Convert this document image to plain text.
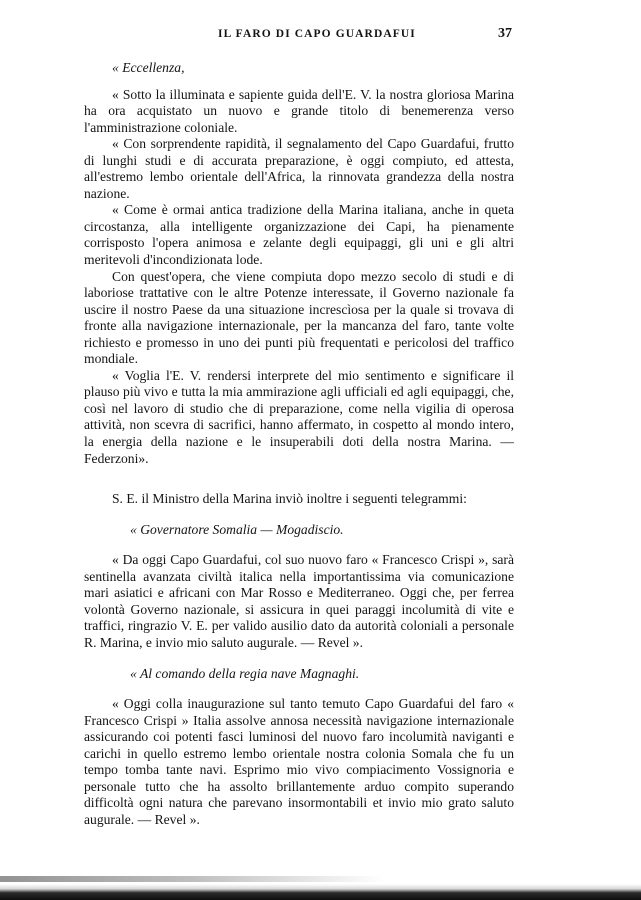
IL FARO DI CAPO GUARDAFUI	37

« Eccellenza,

« Sotto la illuminata e sapiente guida dell'E. V. la nostra gloriosa Marina ha ora acquistato un nuovo e grande titolo di benemerenza verso l'amministrazione coloniale.

« Con sorprendente rapidità, il segnalamento del Capo Guardafui, frutto di lunghi studi e di accurata preparazione, è oggi compiuto, ed attesta, all'estremo lembo orientale dell'Africa, la rinnovata grandezza della nostra nazione.

« Come è ormai antica tradizione della Marina italiana, anche in queta circostanza, alla intelligente organizzazione dei Capi, ha pienamente corrisposto l'opera animosa e zelante degli equipaggi, gli uni e gli altri meritevoli d'incondizionata lode.

Con quest'opera, che viene compiuta dopo mezzo secolo di studi e di laboriose trattative con le altre Potenze interessate, il Governo nazionale fa uscire il nostro Paese da una situazione increscìosa per la quale si trovava di fronte alla navigazione internazionale, per la mancanza del faro, tante volte richiesto e promesso in uno dei punti più frequentati e pericolosi del traffico mondiale.

« Voglia l'E. V. rendersi interprete del mio sentimento e significare il plauso più vivo e tutta la mia ammirazione agli ufficiali ed agli equipaggi, che, così nel lavoro di studio che di preparazione, come nella vigilia di operosa attività, non scevra di sacrifici, hanno affermato, in cospetto al mondo intero, la energia della nazione e le insuperabili doti della nostra Marina. — Federzoni».

S. E. il Ministro della Marina inviò inoltre i seguenti telegrammi:

« Governatore Somalia — Mogadiscio.

« Da oggi Capo Guardafui, col suo nuovo faro « Francesco Crispi », sarà sentinella avanzata civiltà italica nella importantissima via comunicazione mari asiatici e africani con Mar Rosso e Mediterraneo. Oggi che, per ferrea volontà Governo nazionale, si assicura in quei paraggi incolumità di vite e traffici, ringrazio V. E. per valido ausilio dato da autorità coloniali a personale R. Marina, e invio mio saluto augurale. — Revel ».

« Al comando della regia nave Magnaghi.

« Oggi colla inaugurazione sul tanto temuto Capo Guardafui del faro « Francesco Crispi » Italia assolve annosa necessità navigazione internazionale assicurando coi potenti fasci luminosi del nuovo faro incolumità naviganti e carichi in quello estremo lembo orientale nostra colonia Somala che fu un tempo tomba tante navi. Esprimo mio vivo compiacimento Vossignoria e personale tutto che ha assolto brillantemente arduo compito superando difficoltà ogni natura che parevano insormontabili et invio mio grato saluto augurale. — Revel ».
